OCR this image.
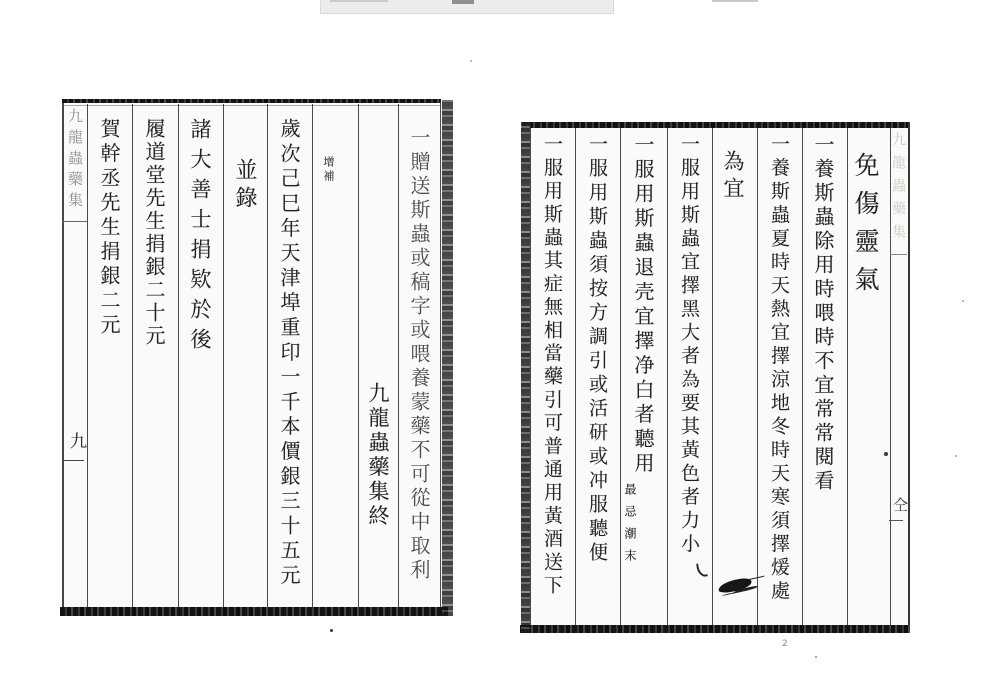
九龍蟲藥集
九	一贈送斯蟲或稿字或喂養蒙藥不可從中取利
九龍蟲藥集終
增補
歲次己巳年天津埠重印一千本價銀三十五元
並錄
諸大善士捐欵於後
履道堂先生捐銀二十元
賀幹丞先生捐銀二元	九龍蟲藥集
仝
免傷靈氣
一養斯蟲除用時喂時不宜常常閱看
一養斯蟲夏時天熱宜擇涼地冬時天寒須擇煖處
為宜
一服用斯蟲宜擇黑大者為要其黃色者力小
一服用斯蟲退壳宜擇净白者聽用
最忌潮末
一服用斯蟲須按方調引或活研或冲服聽便
一服用斯蟲其症無相當藥引可普通用黃酒送下
2
